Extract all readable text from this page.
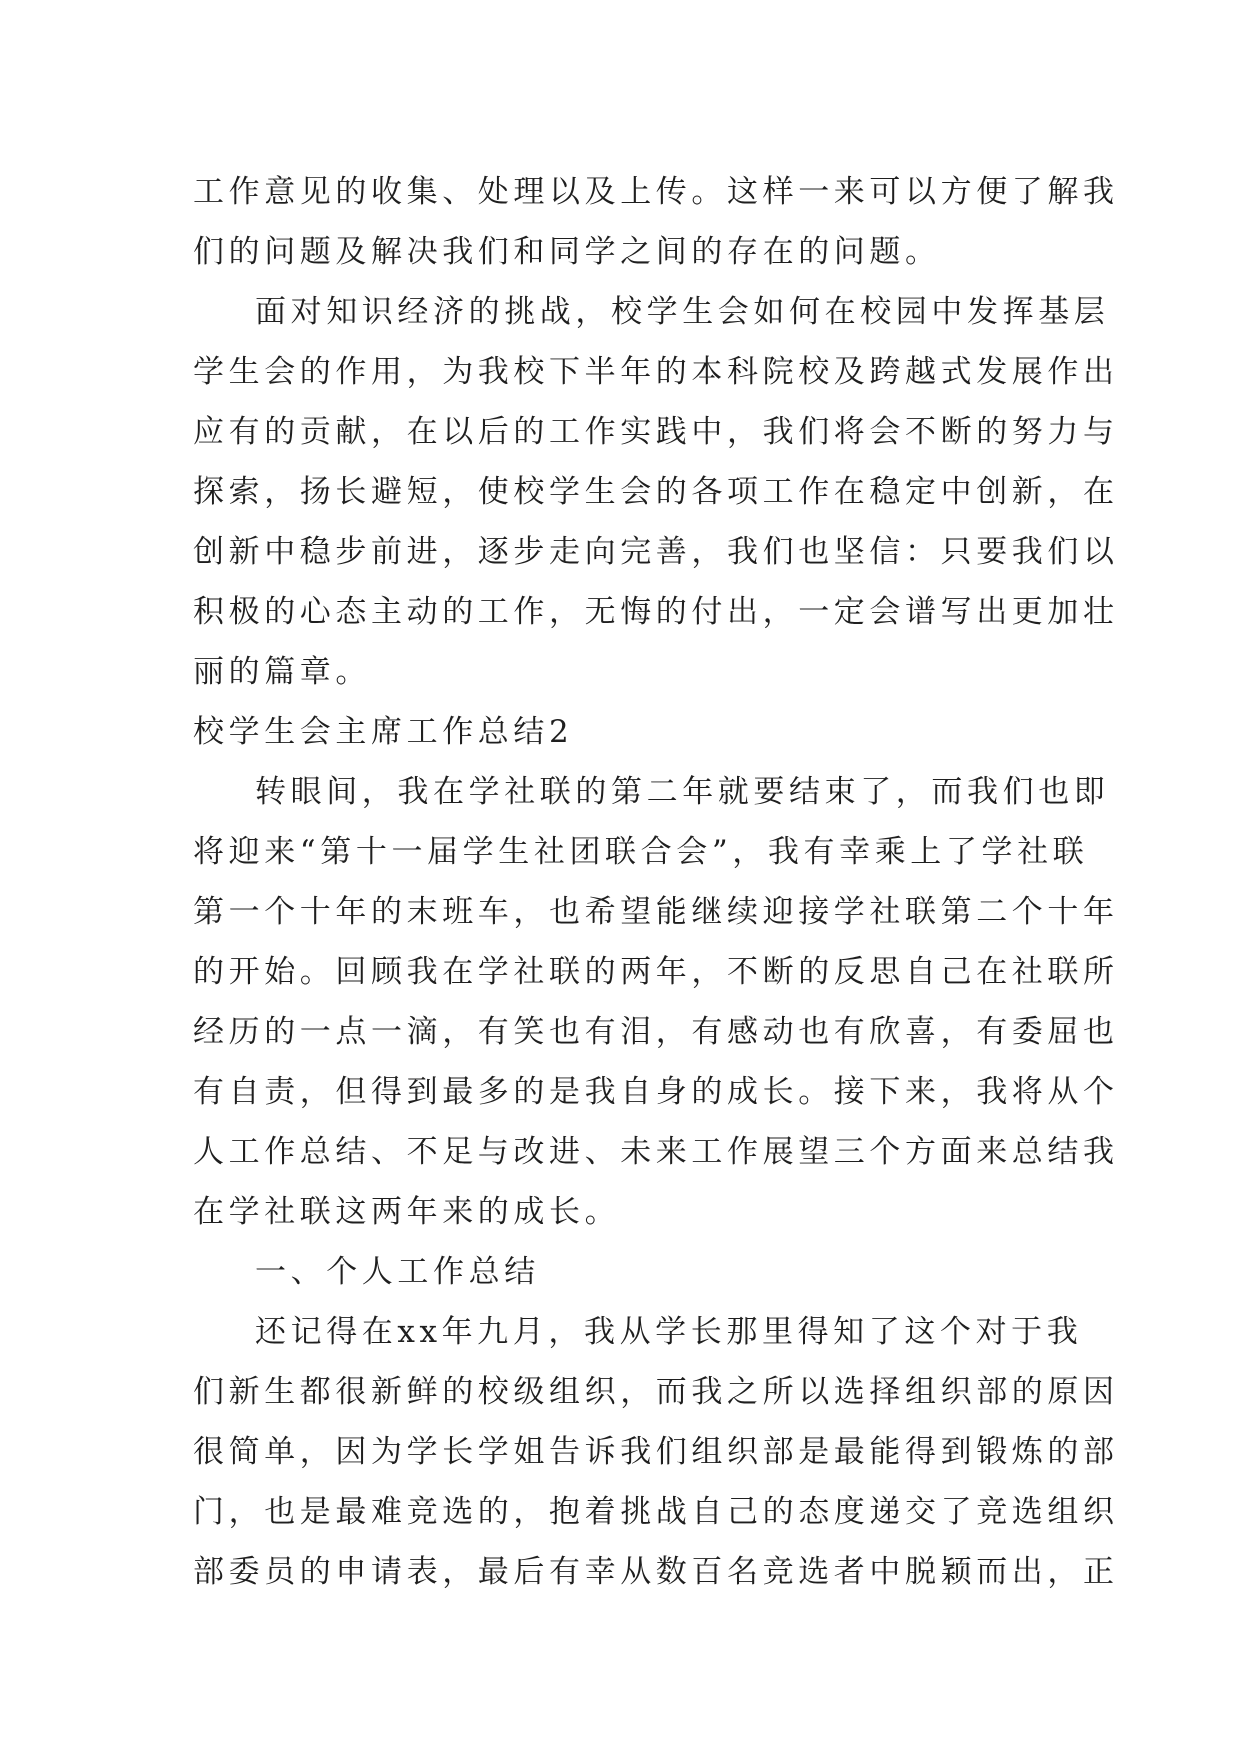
工作意见的收集、处理以及上传。这样一来可以方便了解我
们的问题及解决我们和同学之间的存在的问题。
面对知识经济的挑战，校学生会如何在校园中发挥基层
学生会的作用，为我校下半年的本科院校及跨越式发展作出
应有的贡献，在以后的工作实践中，我们将会不断的努力与
探索，扬长避短，使校学生会的各项工作在稳定中创新，在
创新中稳步前进，逐步走向完善，我们也坚信：只要我们以
积极的心态主动的工作，无悔的付出，一定会谱写出更加壮
丽的篇章。
校学生会主席工作总结2
转眼间，我在学社联的第二年就要结束了，而我们也即
将迎来“第十一届学生社团联合会”，我有幸乘上了学社联
第一个十年的末班车，也希望能继续迎接学社联第二个十年
的开始。回顾我在学社联的两年，不断的反思自己在社联所
经历的一点一滴，有笑也有泪，有感动也有欣喜，有委屈也
有自责，但得到最多的是我自身的成长。接下来，我将从个
人工作总结、不足与改进、未来工作展望三个方面来总结我
在学社联这两年来的成长。
一、个人工作总结
还记得在xx年九月，我从学长那里得知了这个对于我
们新生都很新鲜的校级组织，而我之所以选择组织部的原因
很简单，因为学长学姐告诉我们组织部是最能得到锻炼的部
门，也是最难竞选的，抱着挑战自己的态度递交了竞选组织
部委员的申请表，最后有幸从数百名竞选者中脱颖而出，正
